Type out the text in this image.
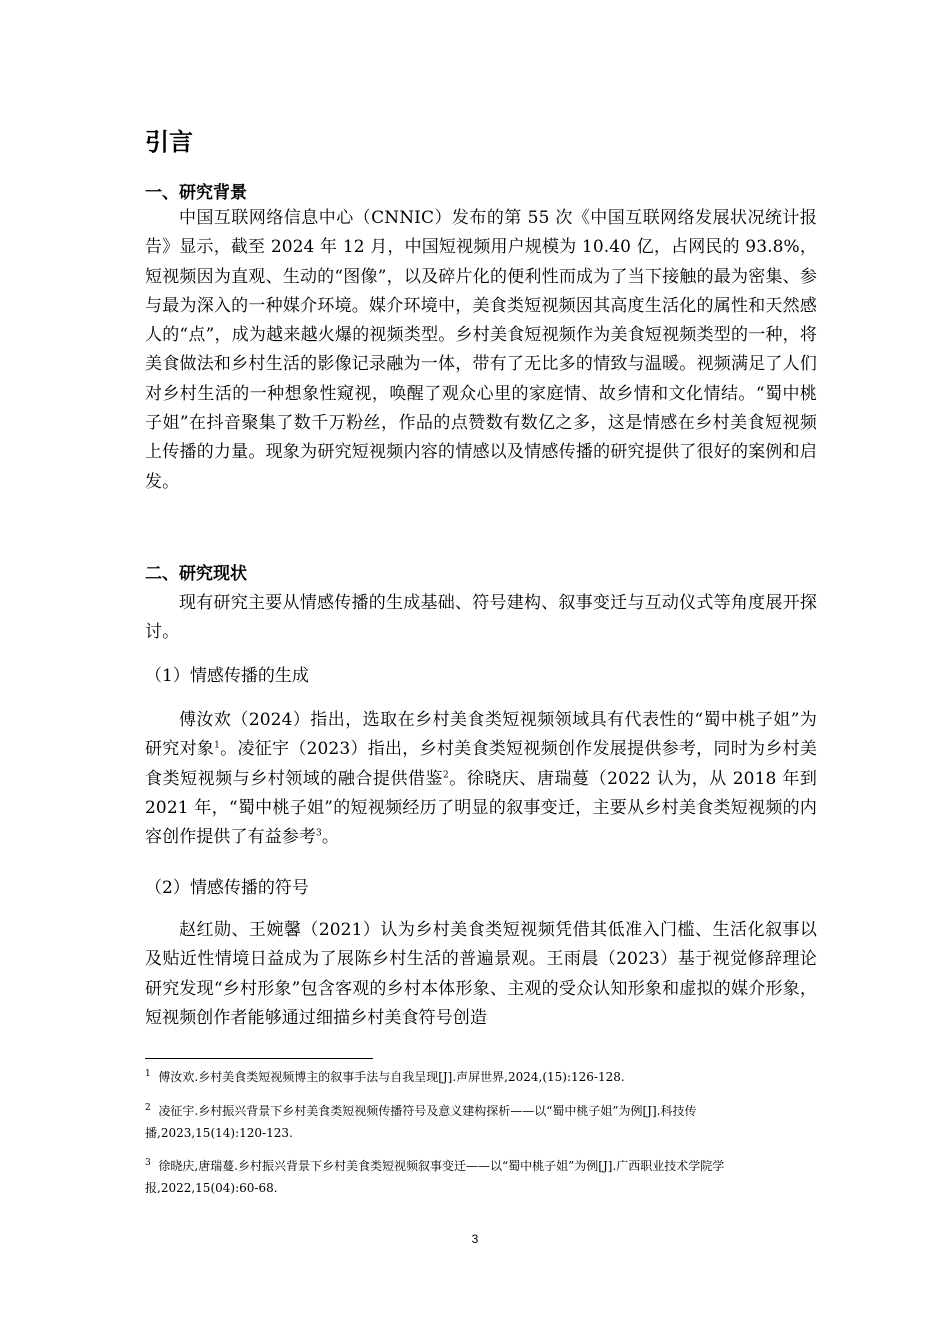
引言
一、研究背景
中国互联网络信息中心（CNNIC）发布的第 55 次《中国互联网络发展状况统计报告》显示，截至 2024 年 12 月，中国短视频用户规模为 10.40 亿，占网民的 93.8%，短视频因为直观、生动的“图像”，以及碎片化的便利性而成为了当下接触的最为密集、参与最为深入的一种媒介环境。媒介环境中，美食类短视频因其高度生活化的属性和天然感人的“点”，成为越来越火爆的视频类型。乡村美食短视频作为美食短视频类型的一种，将美食做法和乡村生活的影像记录融为一体，带有了无比多的情致与温暖。视频满足了人们对乡村生活的一种想象性窥视，唤醒了观众心里的家庭情、故乡情和文化情结。“蜀中桃子姐”在抖音聚集了数千万粉丝，作品的点赞数有数亿之多，这是情感在乡村美食短视频上传播的力量。现象为研究短视频内容的情感以及情感传播的研究提供了很好的案例和启发。
二、研究现状
现有研究主要从情感传播的生成基础、符号建构、叙事变迁与互动仪式等角度展开探讨。
（1）情感传播的生成
傅汝欢（2024）指出，选取在乡村美食类短视频领域具有代表性的“蜀中桃子姐”为研究对象$^1$。凌征宇（2023）指出，乡村美食类短视频创作发展提供参考，同时为乡村美食类短视频与乡村领域的融合提供借鉴$^2$。徐晓庆、唐瑞蔓（2022 认为，从 2018 年到 2021 年，“蜀中桃子姐”的短视频经历了明显的叙事变迁，主要从乡村美食类短视频的内容创作提供了有益参考$^3$。
（2）情感传播的符号
赵红勋、王婉馨（2021）认为乡村美食类短视频凭借其低准入门槛、生活化叙事以及贴近性情境日益成为了展陈乡村生活的普遍景观。王雨晨（2023）基于视觉修辞理论研究发现“乡村形象”包含客观的乡村本体形象、主观的受众认知形象和虚拟的媒介形象，短视频创作者能够通过细描乡村美食符号创造
$^1$ 傅汝欢.乡村美食类短视频博主的叙事手法与自我呈现[J].声屏世界,2024,(15):126-128.
$^2$ 凌征宇.乡村振兴背景下乡村美食类短视频传播符号及意义建构探析——以“蜀中桃子姐”为例[J].科技传播,2023,15(14):120-123.
$^3$ 徐晓庆,唐瑞蔓.乡村振兴背景下乡村美食类短视频叙事变迁——以“蜀中桃子姐”为例[J].广西职业技术学院学报,2022,15(04):60-68.
3
